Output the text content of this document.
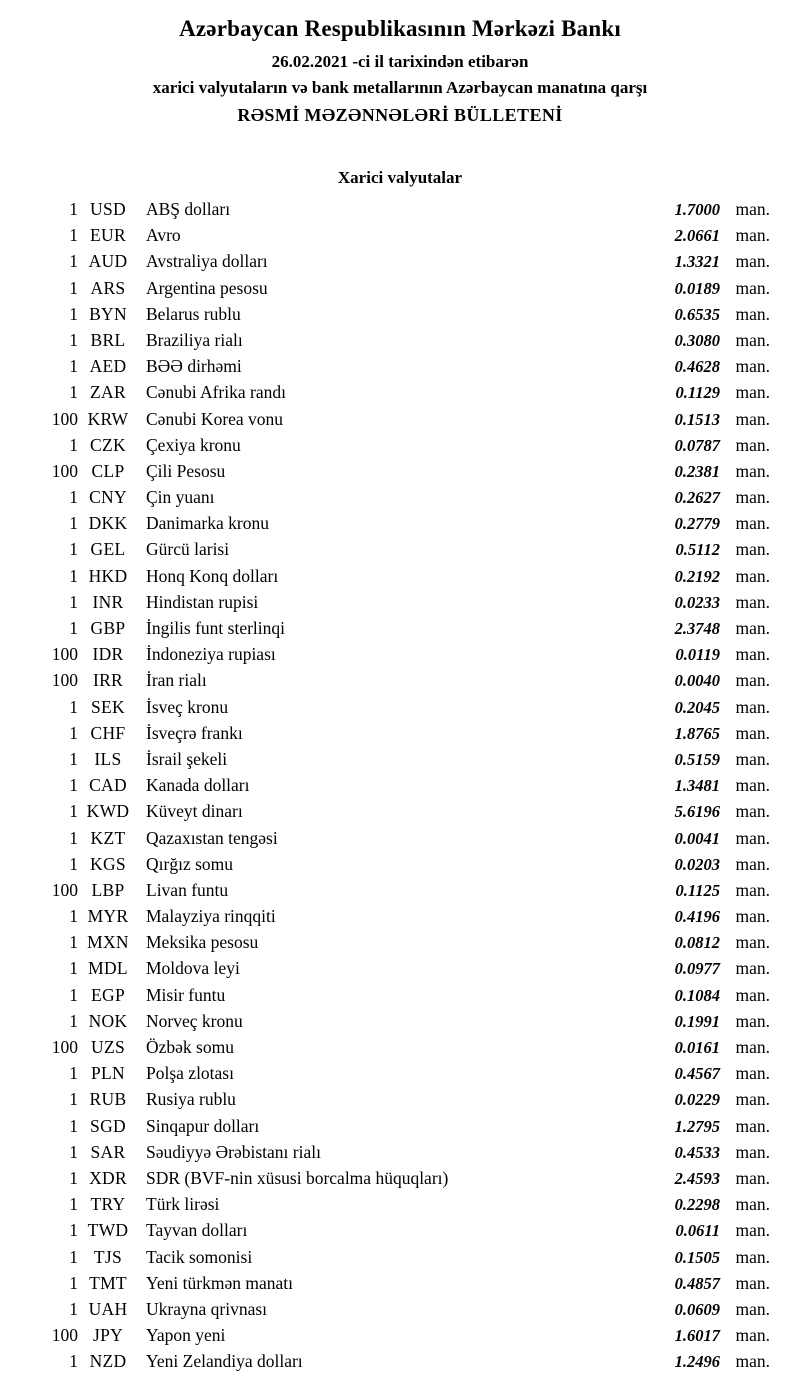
Azərbaycan Respublikasının Mərkəzi Bankı
26.02.2021 -ci il tarixindən etibarən
xarici valyutaların və bank metallarının Azərbaycan manatına qarşı
RƏSMİ MƏZƏNNƏLƏRİ BÜLLETENİ
Xarici valyutalar
1 USD	ABŞ dolları	1.7000 man.
1 EUR	Avro	2.0661 man.
1 AUD	Avstraliya dolları	1.3321 man.
1 ARS	Argentina pesosu	0.0189 man.
1 BYN	Belarus rublu	0.6535 man.
1 BRL	Braziliya rialı	0.3080 man.
1 AED	BƏƏ dirhəmi	0.4628 man.
1 ZAR	Cənubi Afrika randı	0.1129 man.
100 KRW	Cənubi Korea vonu	0.1513 man.
1 CZK	Çexiya kronu	0.0787 man.
100 CLP	Çili Pesosu	0.2381 man.
1 CNY	Çin yuanı	0.2627 man.
1 DKK	Danimarka kronu	0.2779 man.
1 GEL	Gürcü larisi	0.5112 man.
1 HKD	Honq Konq dolları	0.2192 man.
1 INR	Hindistan rupisi	0.0233 man.
1 GBP	İngilis funt sterlinqi	2.3748 man.
100 IDR	İndoneziya rupiası	0.0119 man.
100 IRR	İran rialı	0.0040 man.
1 SEK	İsveç kronu	0.2045 man.
1 CHF	İsveçrə frankı	1.8765 man.
1 ILS	İsrail şekeli	0.5159 man.
1 CAD	Kanada dolları	1.3481 man.
1 KWD Küveyt dinarı	5.6196 man.
1 KZT	Qazaxıstan tengəsi	0.0041 man.
1 KGS	Qırğız somu	0.0203 man.
100 LBP	Livan funtu	0.1125 man.
1 MYR	Malayziya rinqqiti	0.4196 man.
1 MXN Meksika pesosu	0.0812 man.
1 MDL	Moldova leyi	0.0977 man.
1 EGP	Misir funtu	0.1084 man.
1 NOK	Norveç kronu	0.1991 man.
100 UZS	Özbək somu	0.0161 man.
1 PLN	Polşa zlotası	0.4567 man.
1 RUB	Rusiya rublu	0.0229 man.
1 SGD	Sinqapur dolları	1.2795 man.
1 SAR	Səudiyyə Ərəbistanı rialı	0.4533 man.
1 XDR	SDR (BVF-nin xüsusi borcalma hüquqları)	2.4593 man.
1 TRY	Türk lirəsi	0.2298 man.
1 TWD	Tayvan dolları	0.0611 man.
1 TJS	Tacik somonisi	0.1505 man.
1 TMT	Yeni türkmən manatı	0.4857 man.
1 UAH	Ukrayna qrivnası	0.0609 man.
100 JPY	Yapon yeni	1.6017 man.
1 NZD	Yeni Zelandiya dolları	1.2496 man.
